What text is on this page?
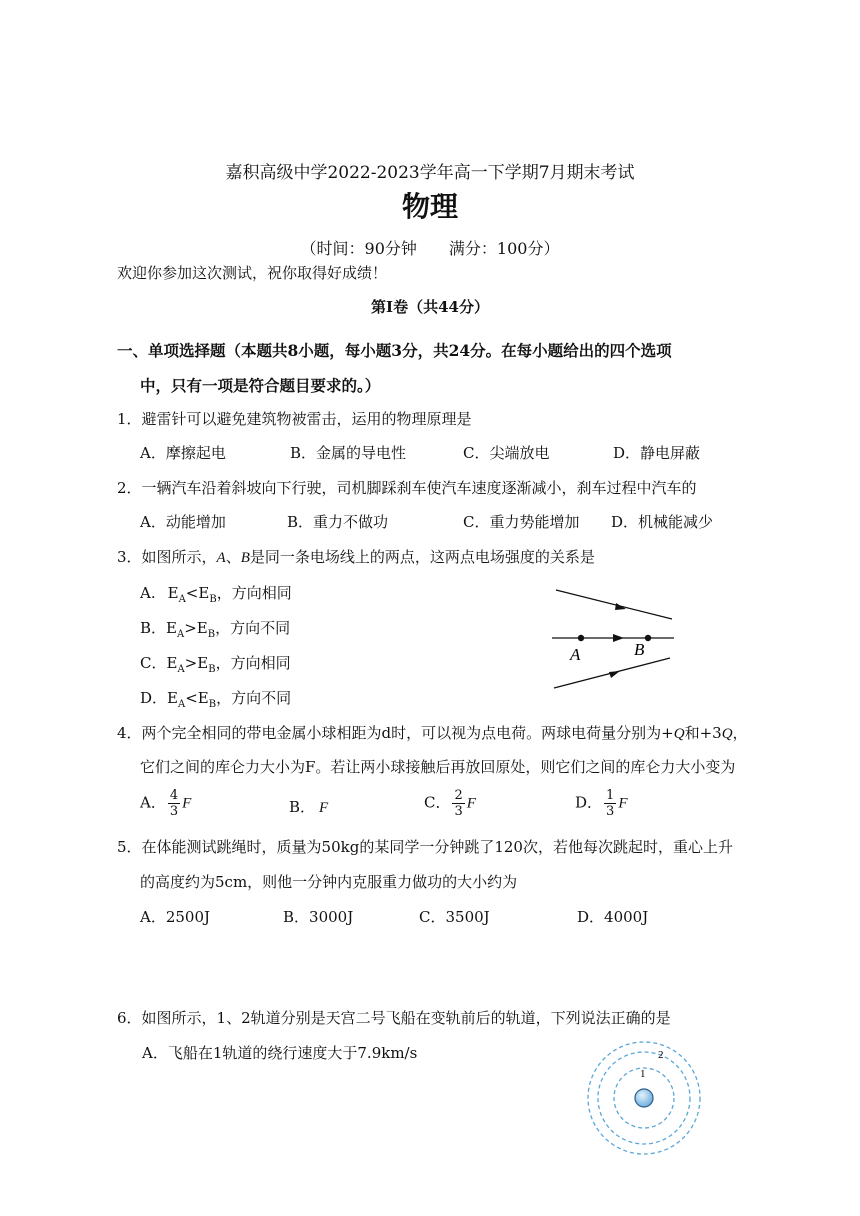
嘉积高级中学2022-2023学年高一下学期7月期末考试
物理
（时间：90分钟　　满分：100分）
欢迎你参加这次测试，祝你取得好成绩！
第Ⅰ卷（共44分）
一、单项选择题（本题共8小题，每小题3分，共24分。在每小题给出的四个选项
中，只有一项是符合题目要求的。）
1．避雷针可以避免建筑物被雷击，运用的物理原理是
A．摩擦起电	B．金属的导电性	C．尖端放电	D．静电屏蔽
2．一辆汽车沿着斜坡向下行驶，司机脚踩刹车使汽车速度逐渐减小，刹车过程中汽车的
A．动能增加	B．重力不做功	C．重力势能增加 D．机械能减少
3．如图所示，A、B是同一条电场线上的两点，这两点电场强度的关系是
A. $E_A<E_B$，方向相同
B．$E_A>E_B$，方向不同
C．$E_A>E_B$，方向相同
D．$E_A<E_B$，方向不同
A	B
4．两个完全相同的带电金属小球相距为d时，可以视为点电荷。两球电荷量分别为+Q和+3Q，
它们之间的库仑力大小为F。若让两小球接触后再放回原处，则它们之间的库仑力大小变为
A． $\frac{4}{3}$ F	B． F	C． $\frac{2}{3}$ F	D． $\frac{1}{3}$ F
5．在体能测试跳绳时，质量为50kg的某同学一分钟跳了120次，若他每次跳起时，重心上升
的高度约为5cm，则他一分钟内克服重力做功的大小约为
A．2500J	B．3000J	C．3500J	D．4000J
6．如图所示，1、2轨道分别是天宫二号飞船在变轨前后的轨道，下列说法正确的是
A．飞船在1轨道的绕行速度大于7.9km/s
1
2
